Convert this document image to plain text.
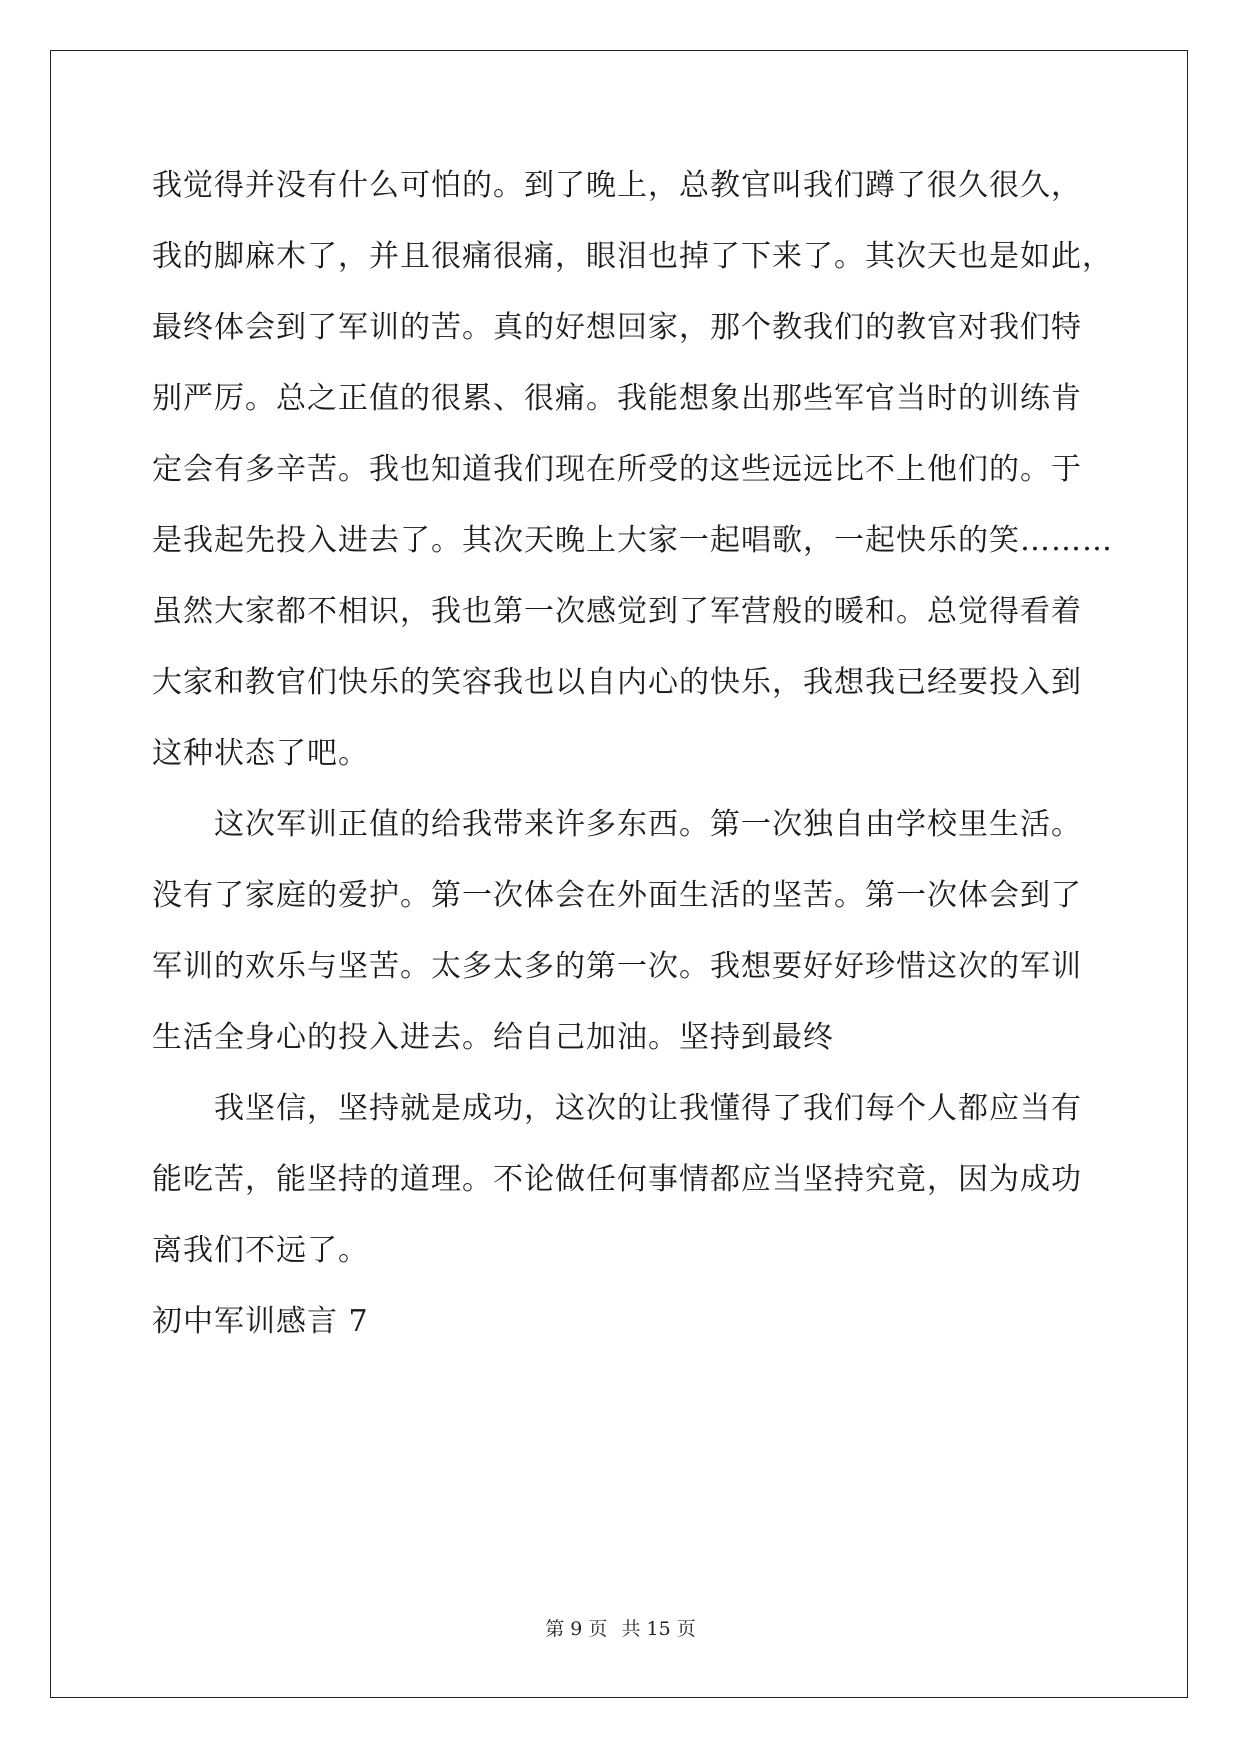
我觉得并没有什么可怕的。到了晚上，总教官叫我们蹲了很久很久，
我的脚麻木了，并且很痛很痛，眼泪也掉了下来了。其次天也是如此，
最终体会到了军训的苦。真的好想回家，那个教我们的教官对我们特
别严厉。总之正值的很累、很痛。我能想象出那些军官当时的训练肯
定会有多辛苦。我也知道我们现在所受的这些远远比不上他们的。于
是我起先投入进去了。其次天晚上大家一起唱歌，一起快乐的笑………
虽然大家都不相识，我也第一次感觉到了军营般的暖和。总觉得看着
大家和教官们快乐的笑容我也以自内心的快乐，我想我已经要投入到
这种状态了吧。
这次军训正值的给我带来许多东西。第一次独自由学校里生活。
没有了家庭的爱护。第一次体会在外面生活的坚苦。第一次体会到了
军训的欢乐与坚苦。太多太多的第一次。我想要好好珍惜这次的军训
生活全身心的投入进去。给自己加油。坚持到最终
我坚信，坚持就是成功，这次的让我懂得了我们每个人都应当有
能吃苦，能坚持的道理。不论做任何事情都应当坚持究竟，因为成功
离我们不远了。
初中军训感言 7
第 9 页 共 15 页
